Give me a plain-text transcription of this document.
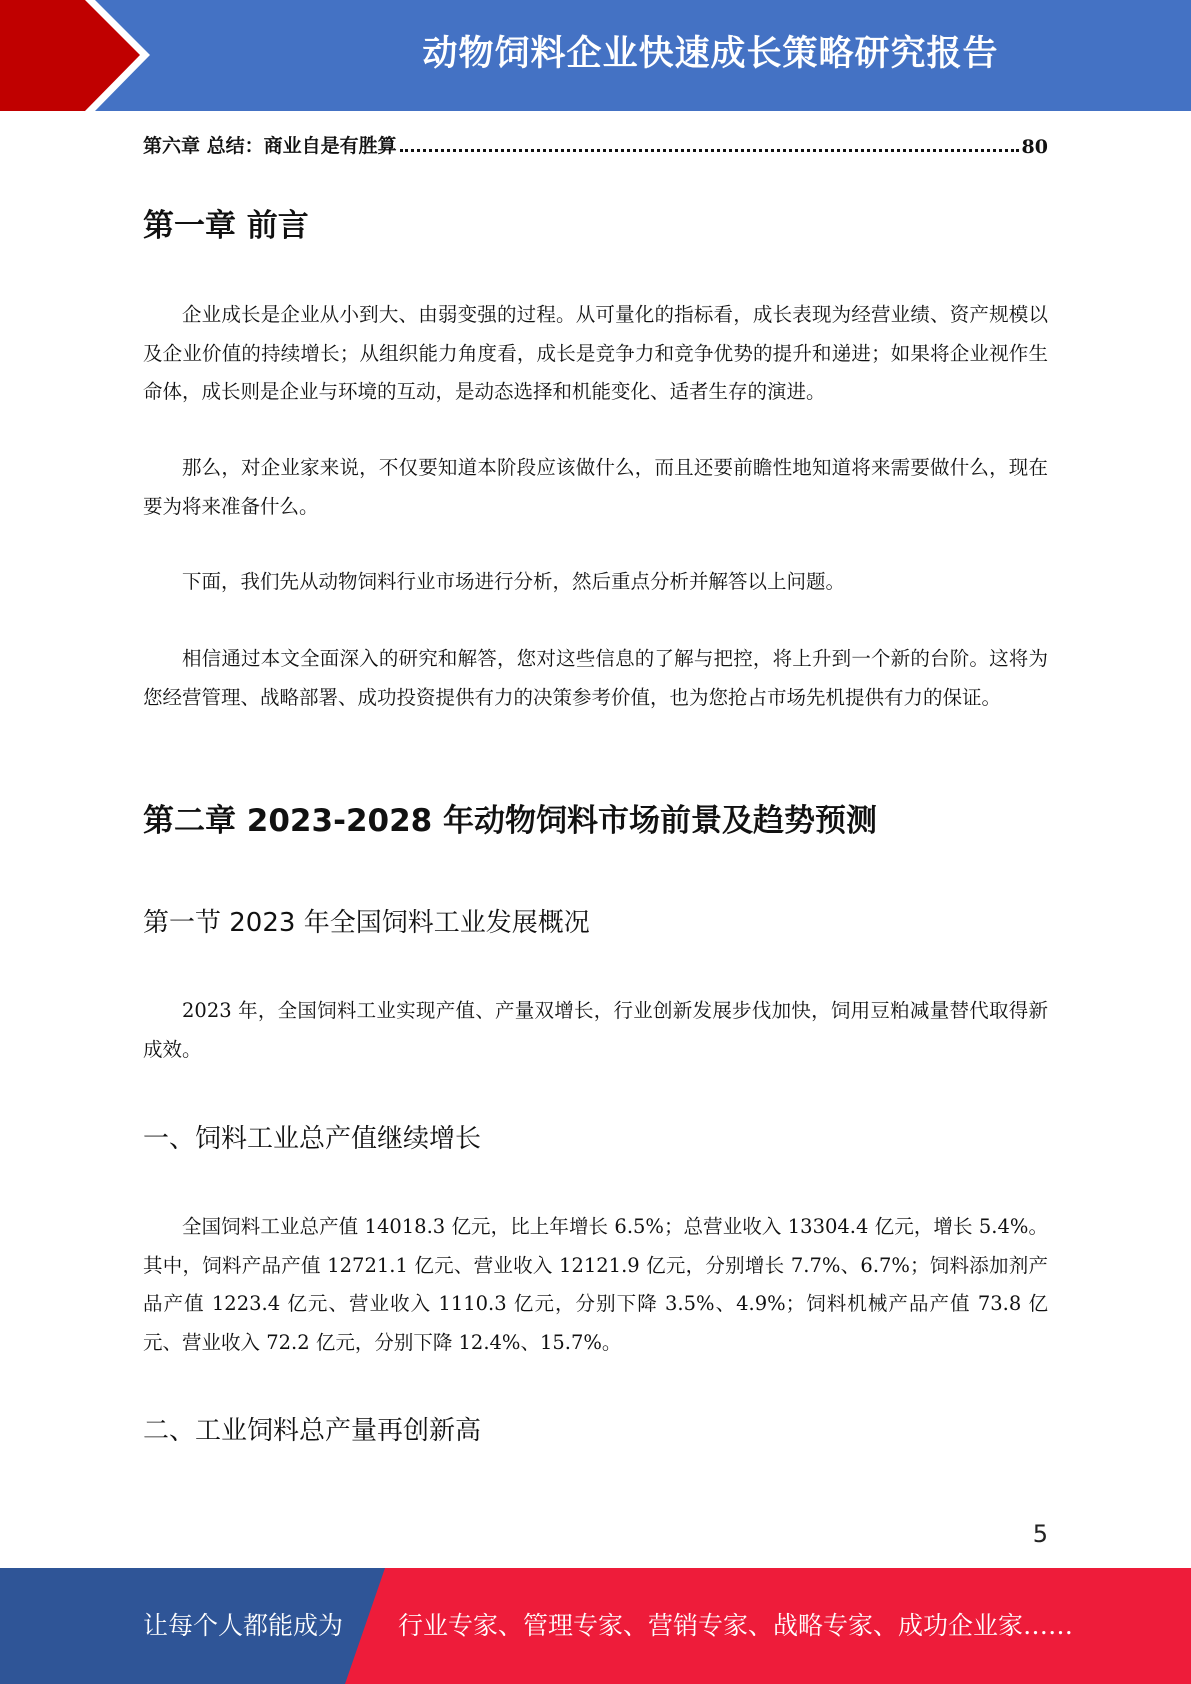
动物饲料企业快速成长策略研究报告
第六章 总结：商业自是有胜算	80
第一章 前言

企业成长是企业从小到大、由弱变强的过程。从可量化的指标看，成长表现为经营业绩、资产规模以及企业价值的持续增长；从组织能力角度看，成长是竞争力和竞争优势的提升和递进；如果将企业视作生命体，成长则是企业与环境的互动，是动态选择和机能变化、适者生存的演进。

那么，对企业家来说，不仅要知道本阶段应该做什么，而且还要前瞻性地知道将来需要做什么，现在要为将来准备什么。

下面，我们先从动物饲料行业市场进行分析，然后重点分析并解答以上问题。

相信通过本文全面深入的研究和解答，您对这些信息的了解与把控，将上升到一个新的台阶。这将为您经营管理、战略部署、成功投资提供有力的决策参考价值，也为您抢占市场先机提供有力的保证。

第二章 2023-2028 年动物饲料市场前景及趋势预测
第一节 2023 年全国饲料工业发展概况

2023 年，全国饲料工业实现产值、产量双增长，行业创新发展步伐加快，饲用豆粕减量替代取得新成效。

一、饲料工业总产值继续增长

全国饲料工业总产值 14018.3 亿元，比上年增长 6.5%；总营业收入 13304.4 亿元，增长 5.4%。其中，饲料产品产值 12721.1 亿元、营业收入 12121.9 亿元，分别增长 7.7%、6.7%；饲料添加剂产品产值 1223.4 亿元、营业收入 1110.3 亿元，分别下降 3.5%、4.9%；饲料机械产品产值 73.8 亿元、营业收入 72.2 亿元，分别下降 12.4%、15.7%。

二、工业饲料总产量再创新高
5
让每个人都能成为 行业专家、管理专家、营销专家、战略专家、成功企业家……
